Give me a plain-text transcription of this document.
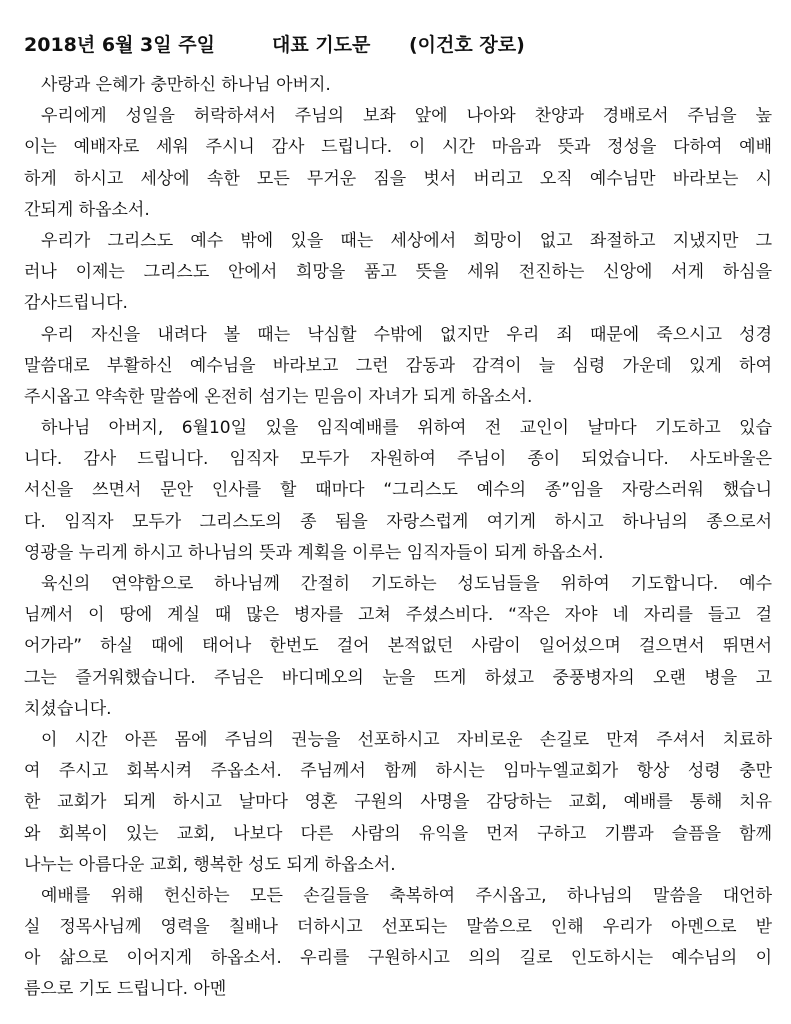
2018년 6월 3일 주일	대표 기도문 (이건호 장로)
사랑과 은혜가 충만하신 하나님 아버지.
우리에게 성일을 허락하셔서 주님의 보좌 앞에 나아와 찬양과 경배로서 주님을 높
이는 예배자로 세워 주시니 감사 드립니다. 이 시간 마음과 뜻과 정성을 다하여 예배
하게 하시고 세상에 속한 모든 무거운 짐을 벗서 버리고 오직 예수님만 바라보는 시
간되게 하옵소서.
우리가 그리스도 예수 밖에 있을 때는 세상에서 희망이 없고 좌절하고 지냈지만 그
러나 이제는 그리스도 안에서 희망을 품고 뜻을 세워 전진하는 신앙에 서게 하심을
감사드립니다.
우리 자신을 내려다 볼 때는 낙심할 수밖에 없지만 우리 죄 때문에 죽으시고 성경
말씀대로 부활하신 예수님을 바라보고 그런 감동과 감격이 늘 심령 가운데 있게 하여
주시옵고 약속한 말씀에 온전히 섬기는 믿음이 자녀가 되게 하옵소서.
하나님 아버지, 6월10일 있을 임직예배를 위하여 전 교인이 날마다 기도하고 있습
니다. 감사 드립니다. 임직자 모두가 자원하여 주님이 종이 되었습니다. 사도바울은
서신을 쓰면서 문안 인사를 할 때마다 “그리스도 예수의 종”임을 자랑스러워 했습니
다. 임직자 모두가 그리스도의 종 됨을 자랑스럽게 여기게 하시고 하나님의 종으로서
영광을 누리게 하시고 하나님의 뜻과 계획을 이루는 임직자들이 되게 하옵소서.
육신의 연약함으로 하나님께 간절히 기도하는 성도님들을 위하여 기도합니다. 예수
님께서 이 땅에 계실 때 많은 병자를 고쳐 주셨스비다. “작은 자야 네 자리를 들고 걸
어가라” 하실 때에 태어나 한번도 걸어 본적없던 사람이 일어섰으며 걸으면서 뛰면서
그는 즐거워했습니다. 주님은 바디메오의 눈을 뜨게 하셨고 중풍병자의 오랜 병을 고
치셨습니다.
이 시간 아픈 몸에 주님의 권능을 선포하시고 자비로운 손길로 만져 주셔서 치료하
여 주시고 회복시켜 주옵소서. 주님께서 함께 하시는 임마누엘교회가 항상 성령 충만
한 교회가 되게 하시고 날마다 영혼 구원의 사명을 감당하는 교회, 예배를 통해 치유
와 회복이 있는 교회, 나보다 다른 사람의 유익을 먼저 구하고 기쁨과 슬픔을 함께
나누는 아름다운 교회, 행복한 성도 되게 하옵소서.
예배를 위해 헌신하는 모든 손길들을 축복하여 주시옵고, 하나님의 말씀을 대언하
실 정목사님께 영력을 칠배나 더하시고 선포되는 말씀으로 인해 우리가 아멘으로 받
아 삶으로 이어지게 하옵소서. 우리를 구원하시고 의의 길로 인도하시는 예수님의 이
름으로 기도 드립니다. 아멘
